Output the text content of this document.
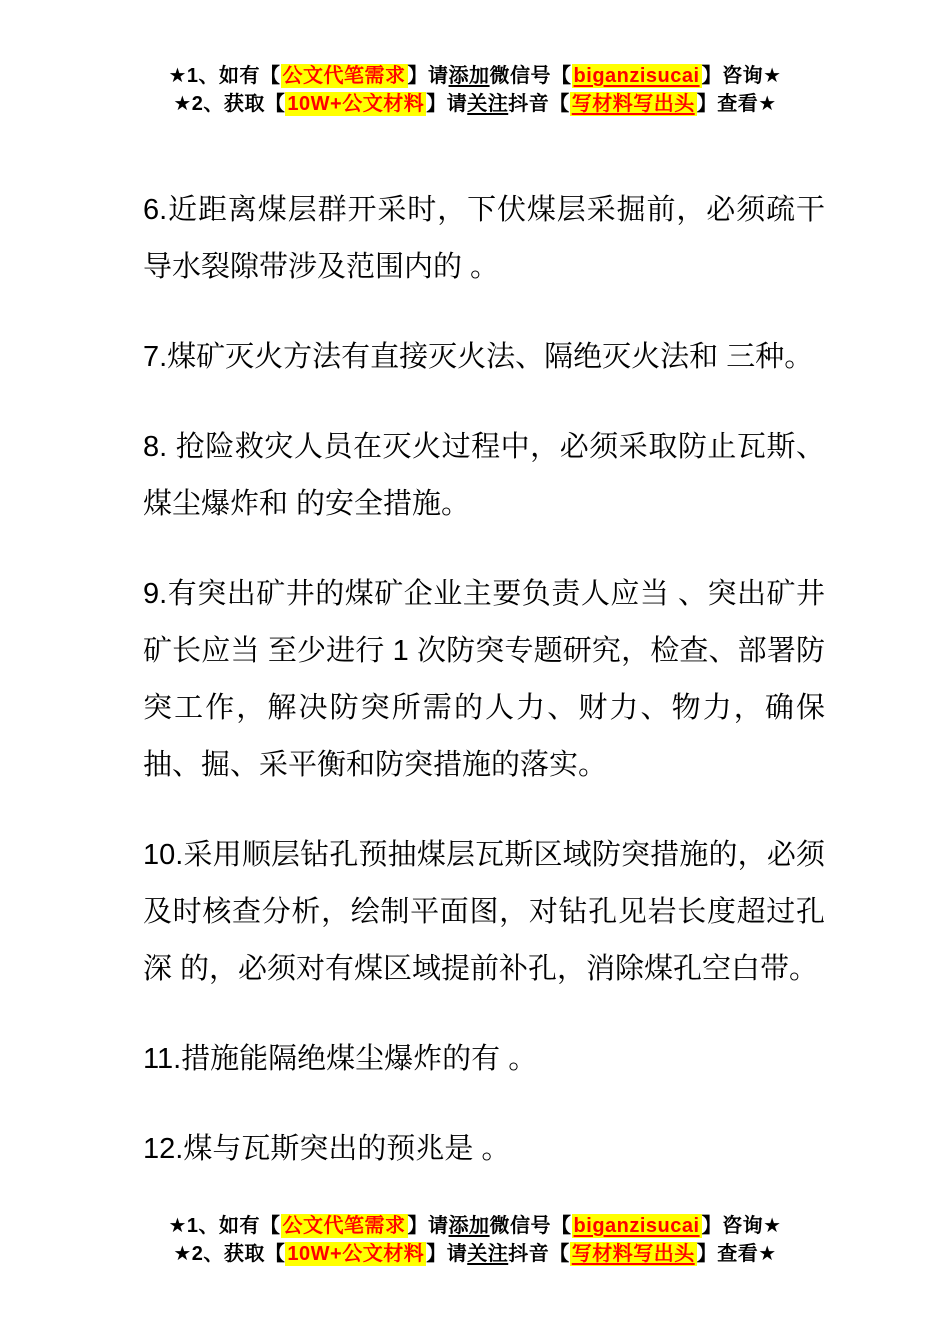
★1、如有【 公文代笔需求 】请添加微信号【 biganzisucai 】咨询★
★2、获取【 10W+公文材料 】请关注抖音【 写材料写出头 】查看★

6.近距离煤层群开采时，下伏煤层采掘前，必须疏干导水裂隙带涉及范围内的 。

7.煤矿灭火方法有直接灭火法、隔绝灭火法和 三种。

8. 抢险救灾人员在灭火过程中，必须采取防止瓦斯、煤尘爆炸和 的安全措施。

9.有突出矿井的煤矿企业主要负责人应当 、突出矿井矿长应当 至少进行 1 次防突专题研究，检查、部署防突工作，解决防突所需的人力、财力、物力，确保抽、掘、采平衡和防突措施的落实。

10.采用顺层钻孔预抽煤层瓦斯区域防突措施的，必须及时核查分析，绘制平面图，对钻孔见岩长度超过孔深 的，必须对有煤区域提前补孔，消除煤孔空白带。

11.措施能隔绝煤尘爆炸的有 。

12.煤与瓦斯突出的预兆是 。

★1、如有【 公文代笔需求 】请添加微信号【 biganzisucai 】咨询★
★2、获取【 10W+公文材料 】请关注抖音【 写材料写出头 】查看★
